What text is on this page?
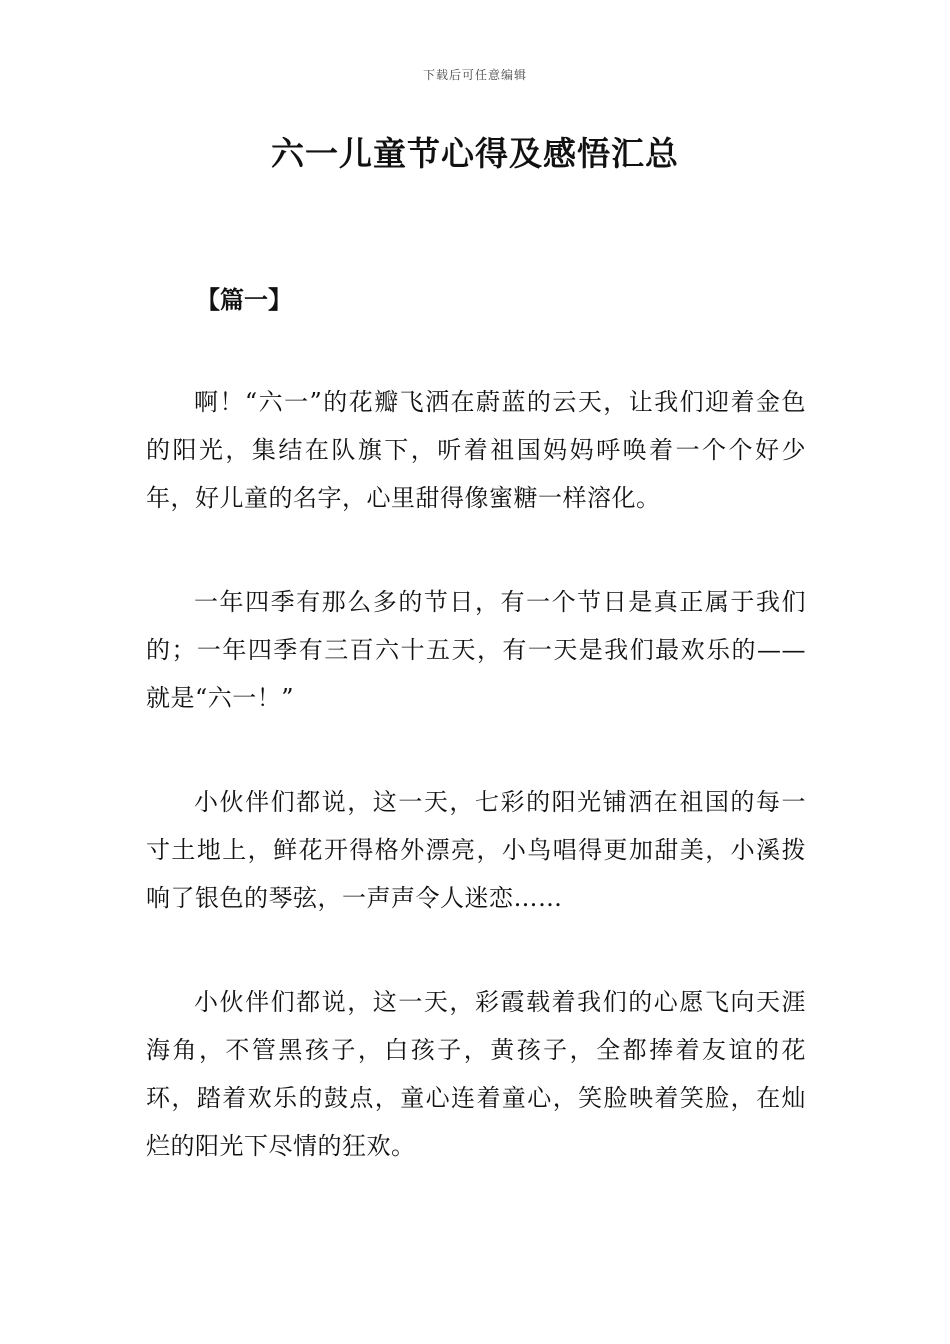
下载后可任意编辑
六一儿童节心得及感悟汇总

【篇一】

啊！“六一”的花瓣飞洒在蔚蓝的云天，让我们迎着金色的阳光，集结在队旗下，听着祖国妈妈呼唤着一个个好少年，好儿童的名字，心里甜得像蜜糖一样溶化。

一年四季有那么多的节日，有一个节日是真正属于我们的；一年四季有三百六十五天，有一天是我们最欢乐的——就是“六一！”

小伙伴们都说，这一天，七彩的阳光铺洒在祖国的每一寸土地上，鲜花开得格外漂亮，小鸟唱得更加甜美，小溪拨响了银色的琴弦，一声声令人迷恋……

小伙伴们都说，这一天，彩霞载着我们的心愿飞向天涯海角，不管黑孩子，白孩子，黄孩子，全都捧着友谊的花环，踏着欢乐的鼓点，童心连着童心，笑脸映着笑脸，在灿烂的阳光下尽情的狂欢。
